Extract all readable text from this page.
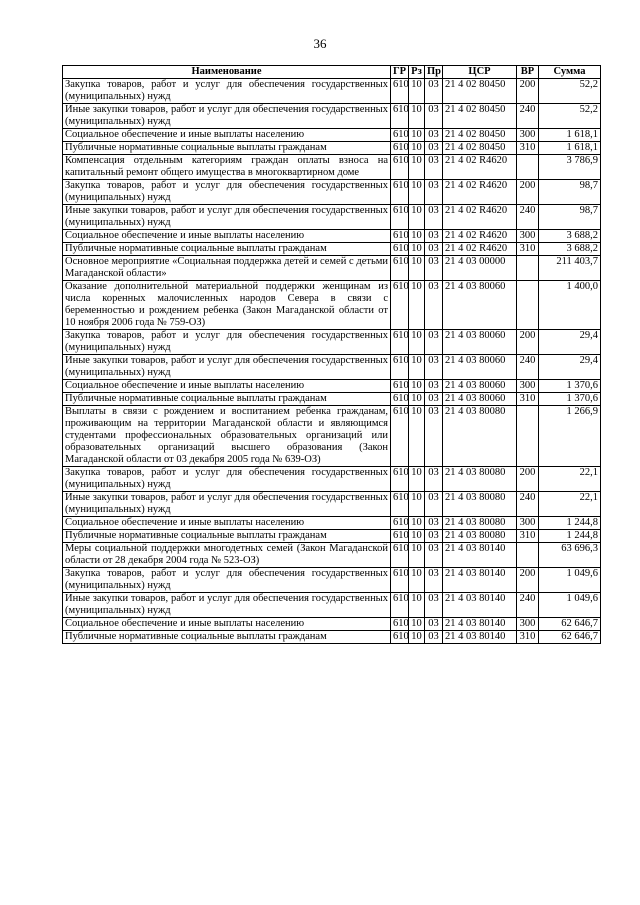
36
Наименование	ГР	Рз	Пр	ЦСР	ВР	Сумма
Закупка товаров, работ и услуг для обеспечения государственных (муниципальных) нужд	610	10	03	21 4 02 80450	200	52,2
Иные закупки товаров, работ и услуг для обеспечения государственных (муниципальных) нужд	610	10	03	21 4 02 80450	240	52,2
Социальное обеспечение и иные выплаты населению	610	10	03	21 4 02 80450	300	1 618,1
Публичные нормативные социальные выплаты гражданам	610	10	03	21 4 02 80450	310	1 618,1
Компенсация отдельным категориям граждан оплаты взноса на капитальный ремонт общего имущества в многоквартирном доме	610	10	03	21 4 02 R4620		3 786,9
Закупка товаров, работ и услуг для обеспечения государственных (муниципальных) нужд	610	10	03	21 4 02 R4620	200	98,7
Иные закупки товаров, работ и услуг для обеспечения государственных (муниципальных) нужд	610	10	03	21 4 02 R4620	240	98,7
Социальное обеспечение и иные выплаты населению	610	10	03	21 4 02 R4620	300	3 688,2
Публичные нормативные социальные выплаты гражданам	610	10	03	21 4 02 R4620	310	3 688,2
Основное мероприятие «Социальная поддержка детей и семей с детьми Магаданской области»	610	10	03	21 4 03 00000		211 403,7
Оказание дополнительной материальной поддержки женщинам из числа коренных малочисленных народов Севера в связи с беременностью и рождением ребенка (Закон Магаданской области от 10 ноября 2006 года № 759-ОЗ)	610	10	03	21 4 03 80060		1 400,0
Закупка товаров, работ и услуг для обеспечения государственных (муниципальных) нужд	610	10	03	21 4 03 80060	200	29,4
Иные закупки товаров, работ и услуг для обеспечения государственных (муниципальных) нужд	610	10	03	21 4 03 80060	240	29,4
Социальное обеспечение и иные выплаты населению	610	10	03	21 4 03 80060	300	1 370,6
Публичные нормативные социальные выплаты гражданам	610	10	03	21 4 03 80060	310	1 370,6
Выплаты в связи с рождением и воспитанием ребенка гражданам, проживающим на территории Магаданской области и являющимся студентами профессиональных образовательных организаций или образовательных организаций высшего образования (Закон Магаданской области от 03 декабря 2005 года № 639-ОЗ)	610	10	03	21 4 03 80080		1 266,9
Закупка товаров, работ и услуг для обеспечения государственных (муниципальных) нужд	610	10	03	21 4 03 80080	200	22,1
Иные закупки товаров, работ и услуг для обеспечения государственных (муниципальных) нужд	610	10	03	21 4 03 80080	240	22,1
Социальное обеспечение и иные выплаты населению	610	10	03	21 4 03 80080	300	1 244,8
Публичные нормативные социальные выплаты гражданам	610	10	03	21 4 03 80080	310	1 244,8
Меры социальной поддержки многодетных семей (Закон Магаданской области от 28 декабря 2004 года № 523-ОЗ)	610	10	03	21 4 03 80140		63 696,3
Закупка товаров, работ и услуг для обеспечения государственных (муниципальных) нужд	610	10	03	21 4 03 80140	200	1 049,6
Иные закупки товаров, работ и услуг для обеспечения государственных (муниципальных) нужд	610	10	03	21 4 03 80140	240	1 049,6
Социальное обеспечение и иные выплаты населению	610	10	03	21 4 03 80140	300	62 646,7
Публичные нормативные социальные выплаты гражданам	610	10	03	21 4 03 80140	310	62 646,7
